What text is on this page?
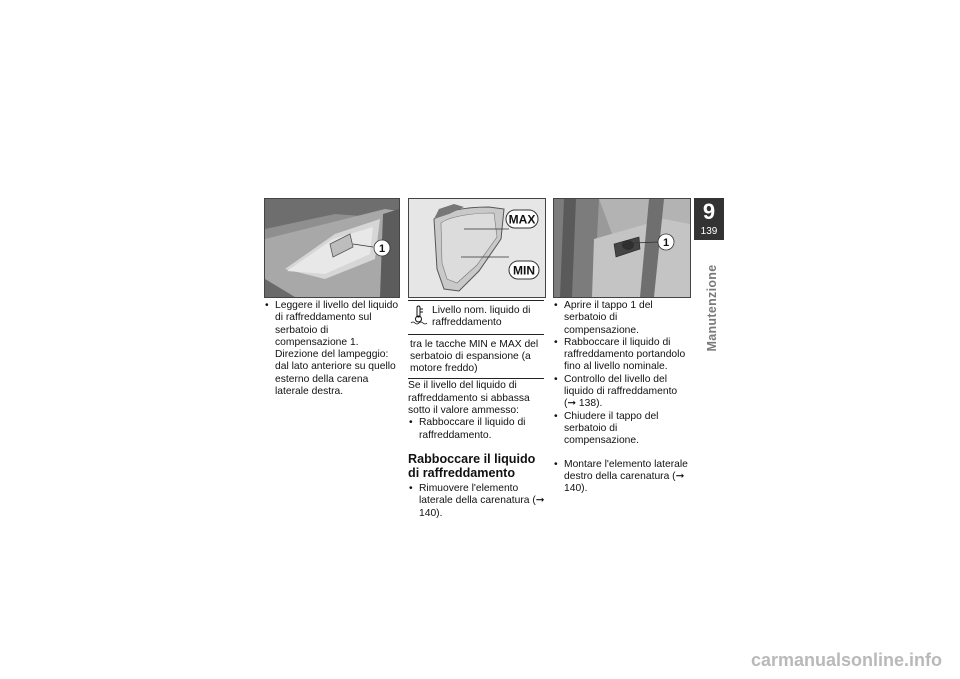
1
MAX
MIN
1
• Leggere il livello del liquido di raffreddamento sul serbatoio di compensazione 1. Direzione del lampeggio: dal lato anteriore su quello esterno della carena laterale destra.
Livello nom. liquido di raffreddamento
tra le tacche MIN e MAX del serbatoio di espansione (a motore freddo)

Se il livello del liquido di raffreddamento si abbassa sotto il valore ammesso:

• Rabboccare il liquido di raffreddamento.
Rabboccare il liquido di raffreddamento
• Rimuovere l'elemento laterale della carenatura (➞ 140).
• Aprire il tappo 1 del serbatoio di compensazione.
• Rabboccare il liquido di raffreddamento portandolo fino al livello nominale.
• Controllo del livello del liquido di raffreddamento (➞ 138).
• Chiudere il tappo del serbatoio di compensazione.
• Montare l'elemento laterale destro della carenatura (➞ 140).
9
139
Manutenzione
carmanualsonline.info
